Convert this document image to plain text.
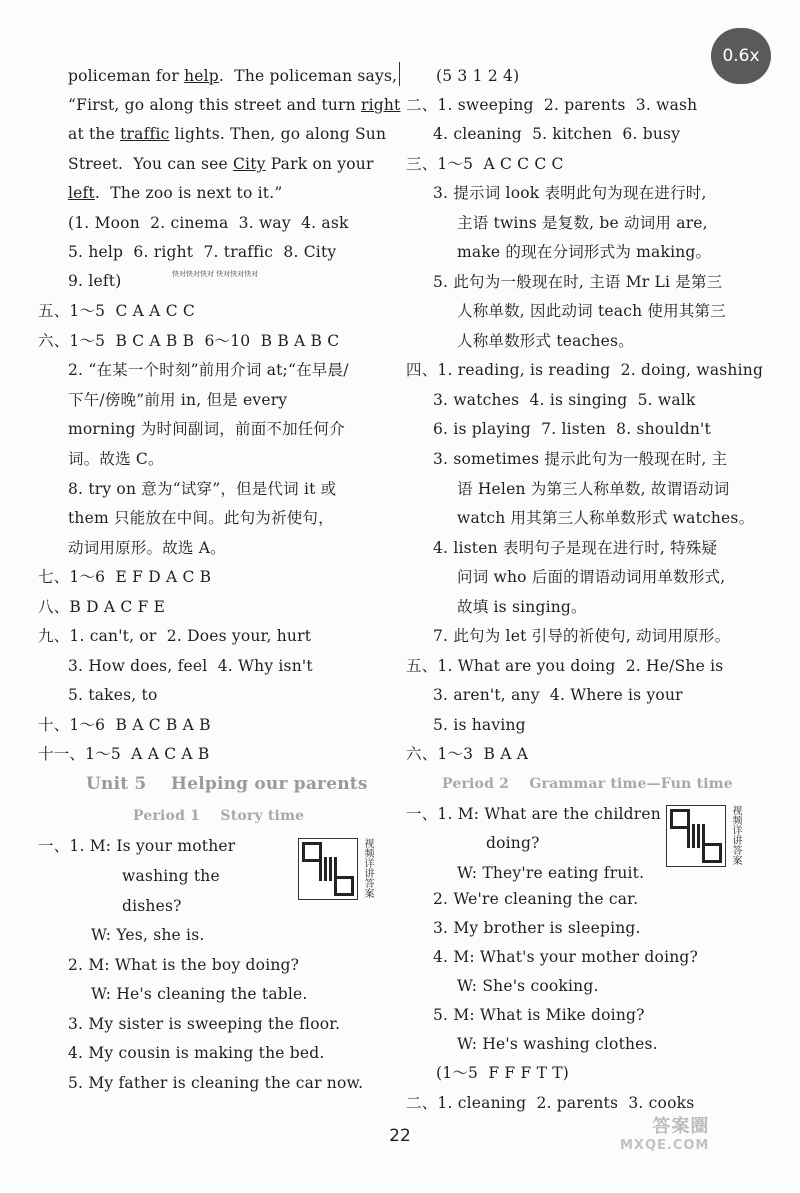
0.6x
policeman for help.  The policeman says,
“First, go along this street and turn right
at the traffic lights. Then, go along Sun
Street.  You can see City Park on your
left.  The zoo is next to it.”
(1. Moon  2. cinema  3. way  4. ask
5. help  6. right  7. traffic  8. City
9. left)	快对快对快对 快对快对快对
五、1～5  C A A C C
六、1～5  B C A B B  6～10  B B A B C
2. “在某一个时刻”前用介词 at;“在早晨/
下午/傍晚”前用 in, 但是 every
morning 为时间副词，前面不加任何介
词。故选 C。
8. try on 意为“试穿”，但是代词 it 或
them 只能放在中间。此句为祈使句，
动词用原形。故选 A。
七、1～6  E F D A C B
八、B D A C F E
九、1. can't, or  2. Does your, hurt
3. How does, feel  4. Why isn't
5. takes, to
十、1～6  B A C B A B
十一、1～5  A A C A B
Unit 5    Helping our parents
Period 1    Story time
一、1. M: Is your mother
washing the
dishes?
W: Yes, she is.
2. M: What is the boy doing?
W: He's cleaning the table.
3. My sister is sweeping the floor.
4. My cousin is making the bed.
5. My father is cleaning the car now.
视频详讲答案
(5 3 1 2 4)
二、1. sweeping  2. parents  3. wash
4. cleaning  5. kitchen  6. busy
三、1～5  A C C C C
3. 提示词 look 表明此句为现在进行时,
主语 twins 是复数, be 动词用 are,
make 的现在分词形式为 making。
5. 此句为一般现在时, 主语 Mr Li 是第三
人称单数, 因此动词 teach 使用其第三
人称单数形式 teaches。
四、1. reading, is reading  2. doing, washing
3. watches  4. is singing  5. walk
6. is playing  7. listen  8. shouldn't
3. sometimes 提示此句为一般现在时, 主
语 Helen 为第三人称单数, 故谓语动词
watch 用其第三人称单数形式 watches。
4. listen 表明句子是现在进行时, 特殊疑
问词 who 后面的谓语动词用单数形式,
故填 is singing。
7. 此句为 let 引导的祈使句, 动词用原形。
五、1. What are you doing  2. He/She is
3. aren't, any  4. Where is your
5. is having
六、1～3  B A A
Period 2    Grammar time—Fun time
一、1. M: What are the children
doing?
W: They're eating fruit.
2. We're cleaning the car.
3. My brother is sleeping.
4. M: What's your mother doing?
W: She's cooking.
5. M: What is Mike doing?
W: He's washing clothes.
(1～5  F F F T T)
二、1. cleaning  2. parents  3. cooks
视频详讲答案
22	答案圈
MXQE.COM
